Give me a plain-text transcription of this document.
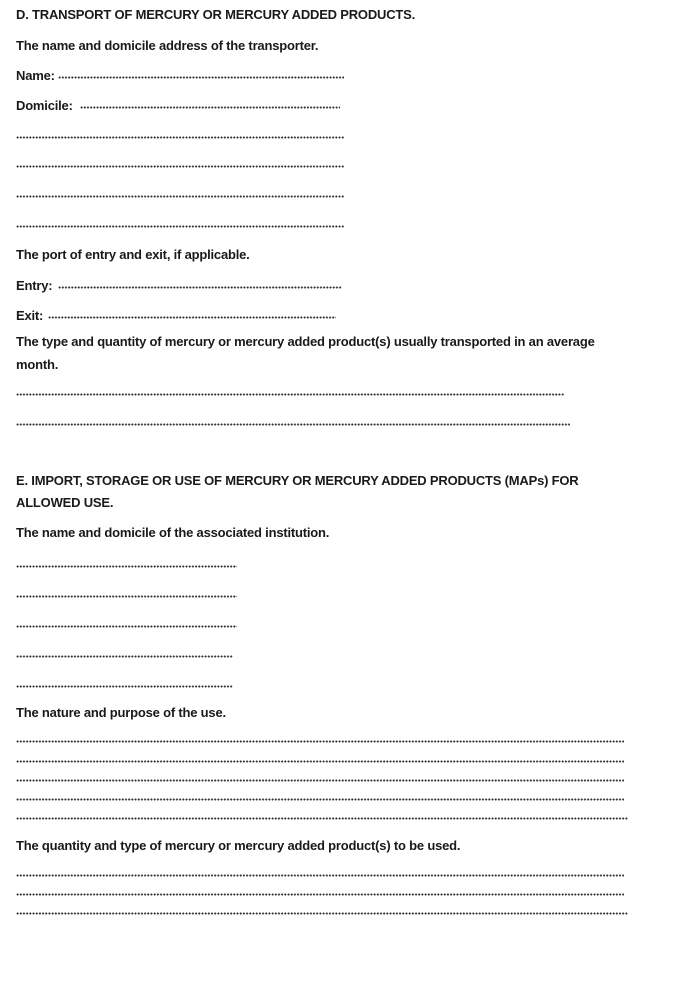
D. TRANSPORT OF MERCURY OR MERCURY ADDED PRODUCTS.

The name and domicile address of the transporter.

Name:
Domicile:

The port of entry and exit, if applicable.

Entry:
Exit:

The type and quantity of mercury or mercury added product(s) usually transported in an average

month.

E. IMPORT, STORAGE OR USE OF MERCURY OR MERCURY ADDED PRODUCTS (MAPs) FOR

ALLOWED USE.

The name and domicile of the associated institution.

The nature and purpose of the use.

The quantity and type of mercury or mercury added product(s) to be used.
